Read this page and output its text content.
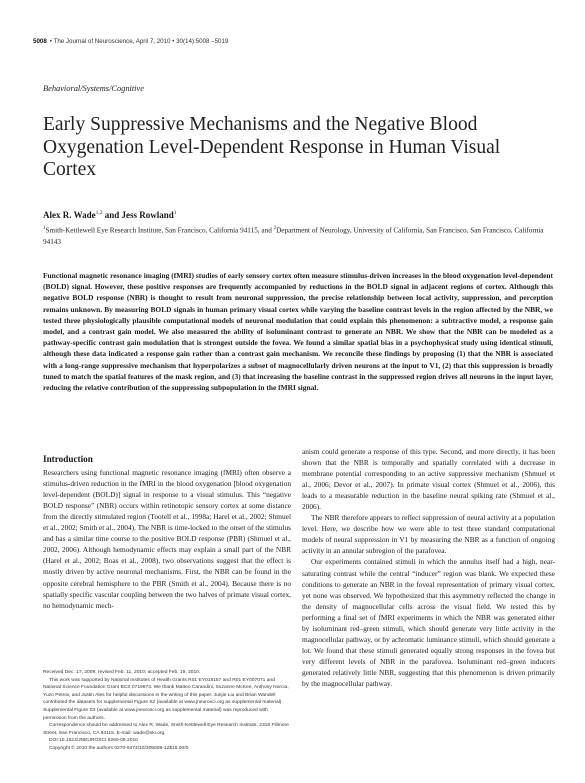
5008 • The Journal of Neuroscience, April 7, 2010 • 30(14):5008 –5019
Behavioral/Systems/Cognitive
Early Suppressive Mechanisms and the Negative Blood Oxygenation Level-Dependent Response in Human Visual Cortex
Alex R. Wade$^{1,2}$ and Jess Rowland$^1$
$^1$Smith-Kettlewell Eye Research Institute, San Francisco, California 94115, and $^2$Department of Neurology, University of California, San Francisco, San Francisco, California 94143
Functional magnetic resonance imaging (fMRI) studies of early sensory cortex often measure stimulus-driven increases in the blood oxygenation level-dependent (BOLD) signal. However, these positive responses are frequently accompanied by reductions in the BOLD signal in adjacent regions of cortex. Although this negative BOLD response (NBR) is thought to result from neuronal suppression, the precise relationship between local activity, suppression, and perception remains unknown. By measuring BOLD signals in human primary visual cortex while varying the baseline contrast levels in the region affected by the NBR, we tested three physiologically plausible computational models of neuronal modulation that could explain this phenomenon: a subtractive model, a response gain model, and a contrast gain model. We also measured the ability of isoluminant contrast to generate an NBR. We show that the NBR can be modeled as a pathway-specific contrast gain modulation that is strongest outside the fovea. We found a similar spatial bias in a psychophysical study using identical stimuli, although these data indicated a response gain rather than a contrast gain mechanism. We reconcile these findings by proposing (1) that the NBR is associated with a long-range suppressive mechanism that hyperpolarizes a subset of magnocellularly driven neurons at the input to V1, (2) that this suppression is broadly tuned to match the spatial features of the mask region, and (3) that increasing the baseline contrast in the suppressed region drives all neurons in the input layer, reducing the relative contribution of the suppressing subpopulation in the fMRI signal.
Introduction

Researchers using functional magnetic resonance imaging (fMRI) often observe a stimulus-driven reduction in the fMRI in the blood oxygenation [blood oxygenation level-dependent (BOLD)] signal in response to a visual stimulus. This “negative BOLD response” (NBR) occurs within retinotopic sensory cortex at some distance from the directly stimulated region (Tootell et al., 1998a; Harel et al., 2002; Shmuel et al., 2002; Smith et al., 2004). The NBR is time-locked to the onset of the stimulus and has a similar time course to the positive BOLD response (PBR) (Shmuel et al., 2002, 2006). Although hemodynamic effects may explain a small part of the NBR (Harel et al., 2002; Boas et al., 2008), two observations suggest that the effect is mostly driven by active neuronal mechanisms. First, the NBR can be found in the opposite cerebral hemisphere to the PBR (Smith et al., 2004). Because there is no spatially specific vascular coupling between the two halves of primate visual cortex, no hemodynamic mech-

anism could generate a response of this type. Second, and more directly, it has been shown that the NBR is temporally and spatially correlated with a decrease in membrane potential corresponding to an active suppressive mechanism (Shmuel et al., 2006; Devor et al., 2007). In primate visual cortex (Shmuel et al., 2006), this leads to a measurable reduction in the baseline neural spiking rate (Shmuel et al., 2006).

The NBR therefore appears to reflect suppression of neural activity at a population level. Here, we describe how we were able to test three standard computational models of neural suppression in V1 by measuring the NBR as a function of ongoing activity in an annular subregion of the parafovea.

Our experiments contained stimuli in which the annulus itself had a high, near-saturating contrast while the central “inducer” region was blank. We expected these conditions to generate an NBR in the foveal representation of primary visual cortex, yet none was observed. We hypothesized that this asymmetry reflected the change in the density of magnocellular cells across the visual field. We tested this by performing a final set of fMRI experiments in which the NBR was generated either by isoluminant red–green stimuli, which should generate very little activity in the magnocellular pathway, or by achromatic luminance stimuli, which should generate a lot. We found that these stimuli generated equally strong responses in the fovea but very different levels of NBR in the parafovea. Isoluminant red–green inducers generated relatively little NBR, suggesting that this phenomenon is driven primarily by the magnocellular pathway.

Received Dec. 17, 2009; revised Feb. 11, 2010; accepted Feb. 19, 2010.
This work was supported by National Institutes of Health Grants R01 EY018157 and R01 EY007071 and National Science Foundation Grant BCS 0719973. We thank Matteo Carandini, Suzanne McKee, Anthony Norcia, Yuzo Petrov, and Justin Ales for helpful discussions in the writing of this paper. Junjie Liu and Brian Wandell contributed the datasets for supplemental Figure S2 (available at www.jneurosci.org as supplemental material). Supplemental Figure S3 (available at www.jneurosci.org as supplemental material) was reproduced with permission from the authors.
Correspondence should be addressed to Alex R. Wade, Smith-Kettlewell Eye Research Institute, 2318 Fillmore Street, San Francisco, CA 94115. E-mail: wade@ski.org.
DOI:10.1523/JNEUROSCI.6260-09.2010
Copyright © 2010 the authors 0270-6474/10/305008-12$15.00/0
